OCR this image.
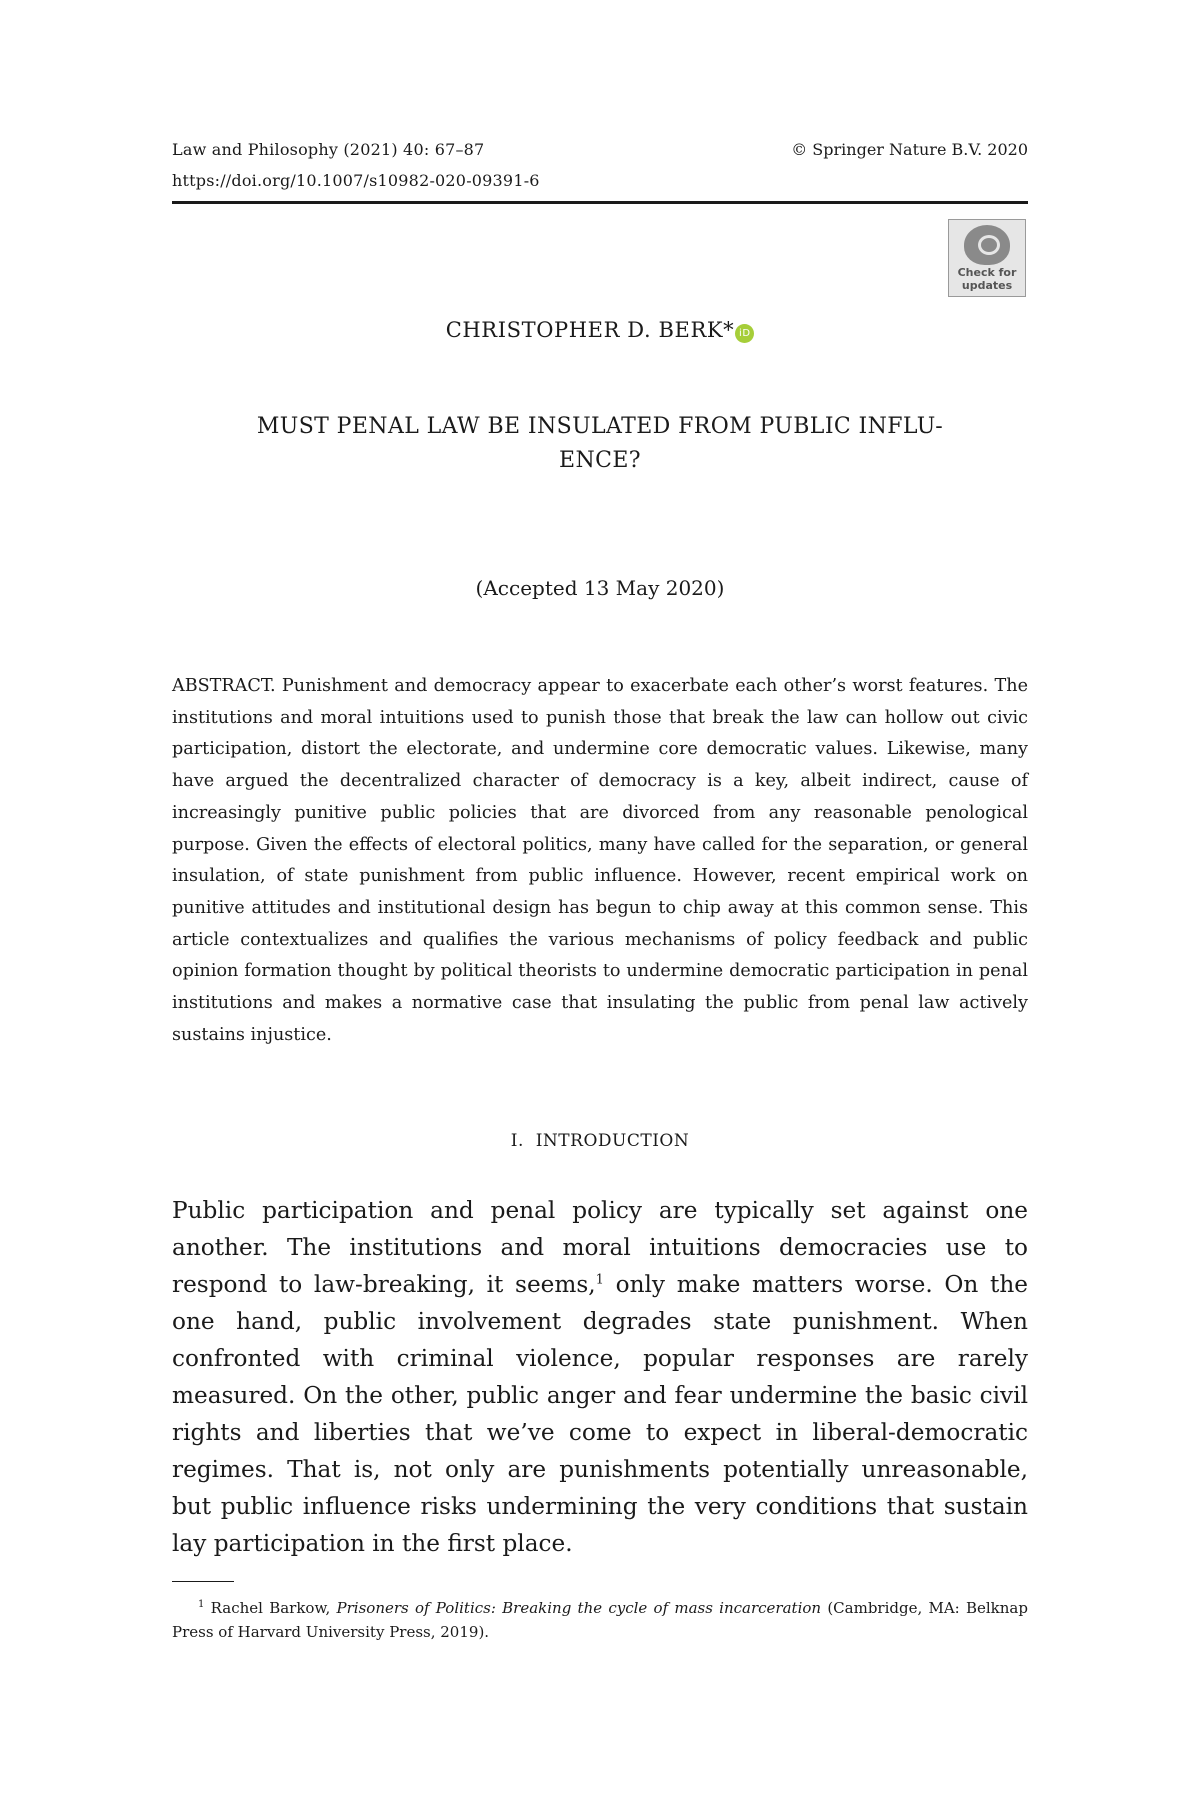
Law and Philosophy (2021) 40: 67–87
https://doi.org/10.1007/s10982-020-09391-6
© Springer Nature B.V. 2020
Check for updates
CHRISTOPHER D. BERK* iD
MUST PENAL LAW BE INSULATED FROM PUBLIC INFLU-
ENCE?
(Accepted 13 May 2020)

ABSTRACT. Punishment and democracy appear to exacerbate each other’s worst features. The institutions and moral intuitions used to punish those that break the law can hollow out civic participation, distort the electorate, and undermine core democratic values. Likewise, many have argued the decentralized character of democracy is a key, albeit indirect, cause of increasingly punitive public policies that are divorced from any reasonable penological purpose. Given the effects of electoral politics, many have called for the separation, or general insulation, of state punishment from public influence. However, recent empirical work on punitive attitudes and institutional design has begun to chip away at this common sense. This article contextualizes and qualifies the various mechanisms of policy feedback and public opinion formation thought by political theorists to undermine democratic participation in penal institutions and makes a normative case that insulating the public from penal law actively sustains injustice.

I. INTRODUCTION

Public participation and penal policy are typically set against one another. The institutions and moral intuitions democracies use to respond to law-breaking, it seems,$^1$ only make matters worse. On the one hand, public involvement degrades state punishment. When confronted with criminal violence, popular responses are rarely measured. On the other, public anger and fear undermine the basic civil rights and liberties that we’ve come to expect in liberal-democratic regimes. That is, not only are punishments potentially unreasonable, but public influence risks undermining the very conditions that sustain lay participation in the first place.

$^1$ Rachel Barkow, Prisoners of Politics: Breaking the cycle of mass incarceration (Cambridge, MA: Belknap Press of Harvard University Press, 2019).
